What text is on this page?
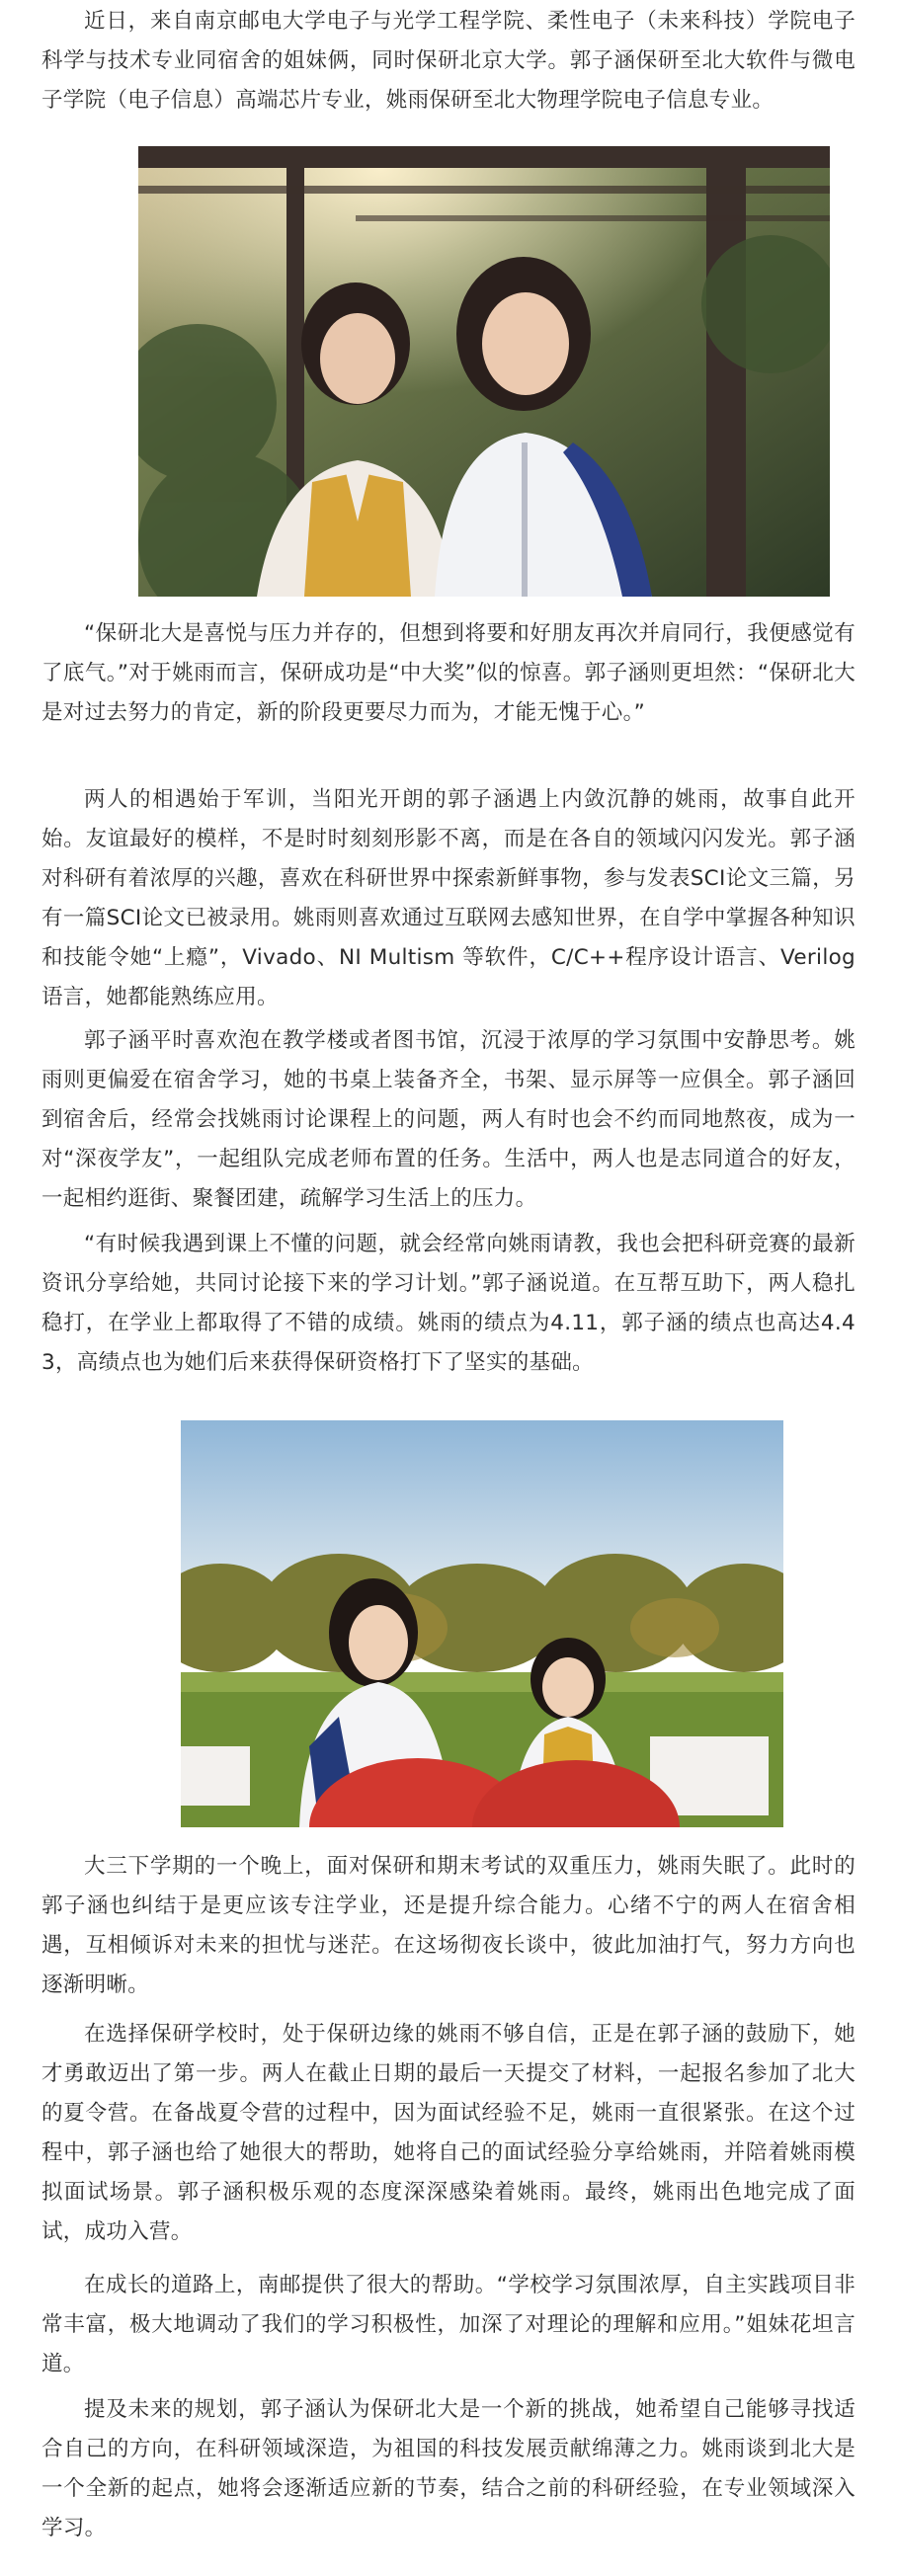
近日，来自南京邮电大学电子与光学工程学院、柔性电子（未来科技）学院电子科学与技术专业同宿舍的姐妹俩，同时保研北京大学。郭子涵保研至北大软件与微电子学院（电子信息）高端芯片专业，姚雨保研至北大物理学院电子信息专业。

“保研北大是喜悦与压力并存的，但想到将要和好朋友再次并肩同行，我便感觉有了底气。”对于姚雨而言，保研成功是“中大奖”似的惊喜。郭子涵则更坦然：“保研北大是对过去努力的肯定，新的阶段更要尽力而为，才能无愧于心。”

两人的相遇始于军训，当阳光开朗的郭子涵遇上内敛沉静的姚雨，故事自此开始。友谊最好的模样，不是时时刻刻形影不离，而是在各自的领域闪闪发光。郭子涵对科研有着浓厚的兴趣，喜欢在科研世界中探索新鲜事物，参与发表SCI论文三篇，另有一篇SCI论文已被录用。姚雨则喜欢通过互联网去感知世界，在自学中掌握各种知识和技能令她“上瘾”，Vivado、NI Multism 等软件，C/C++程序设计语言、Verilog 语言，她都能熟练应用。

郭子涵平时喜欢泡在教学楼或者图书馆，沉浸于浓厚的学习氛围中安静思考。姚雨则更偏爱在宿舍学习，她的书桌上装备齐全，书架、显示屏等一应俱全。郭子涵回到宿舍后，经常会找姚雨讨论课程上的问题，两人有时也会不约而同地熬夜，成为一对“深夜学友”，一起组队完成老师布置的任务。生活中，两人也是志同道合的好友，一起相约逛街、聚餐团建，疏解学习生活上的压力。

“有时候我遇到课上不懂的问题，就会经常向姚雨请教，我也会把科研竞赛的最新资讯分享给她，共同讨论接下来的学习计划。”郭子涵说道。在互帮互助下，两人稳扎稳打，在学业上都取得了不错的成绩。姚雨的绩点为4.11，郭子涵的绩点也高达4.43，高绩点也为她们后来获得保研资格打下了坚实的基础。

大三下学期的一个晚上，面对保研和期末考试的双重压力，姚雨失眠了。此时的郭子涵也纠结于是更应该专注学业，还是提升综合能力。心绪不宁的两人在宿舍相遇，互相倾诉对未来的担忧与迷茫。在这场彻夜长谈中，彼此加油打气，努力方向也逐渐明晰。

在选择保研学校时，处于保研边缘的姚雨不够自信，正是在郭子涵的鼓励下，她才勇敢迈出了第一步。两人在截止日期的最后一天提交了材料，一起报名参加了北大的夏令营。在备战夏令营的过程中，因为面试经验不足，姚雨一直很紧张。在这个过程中，郭子涵也给了她很大的帮助，她将自己的面试经验分享给姚雨，并陪着姚雨模拟面试场景。郭子涵积极乐观的态度深深感染着姚雨。最终，姚雨出色地完成了面试，成功入营。

在成长的道路上，南邮提供了很大的帮助。“学校学习氛围浓厚，自主实践项目非常丰富，极大地调动了我们的学习积极性，加深了对理论的理解和应用。”姐妹花坦言道。

提及未来的规划，郭子涵认为保研北大是一个新的挑战，她希望自己能够寻找适合自己的方向，在科研领域深造，为祖国的科技发展贡献绵薄之力。姚雨谈到北大是一个全新的起点，她将会逐渐适应新的节奏，结合之前的科研经验，在专业领域深入学习。
